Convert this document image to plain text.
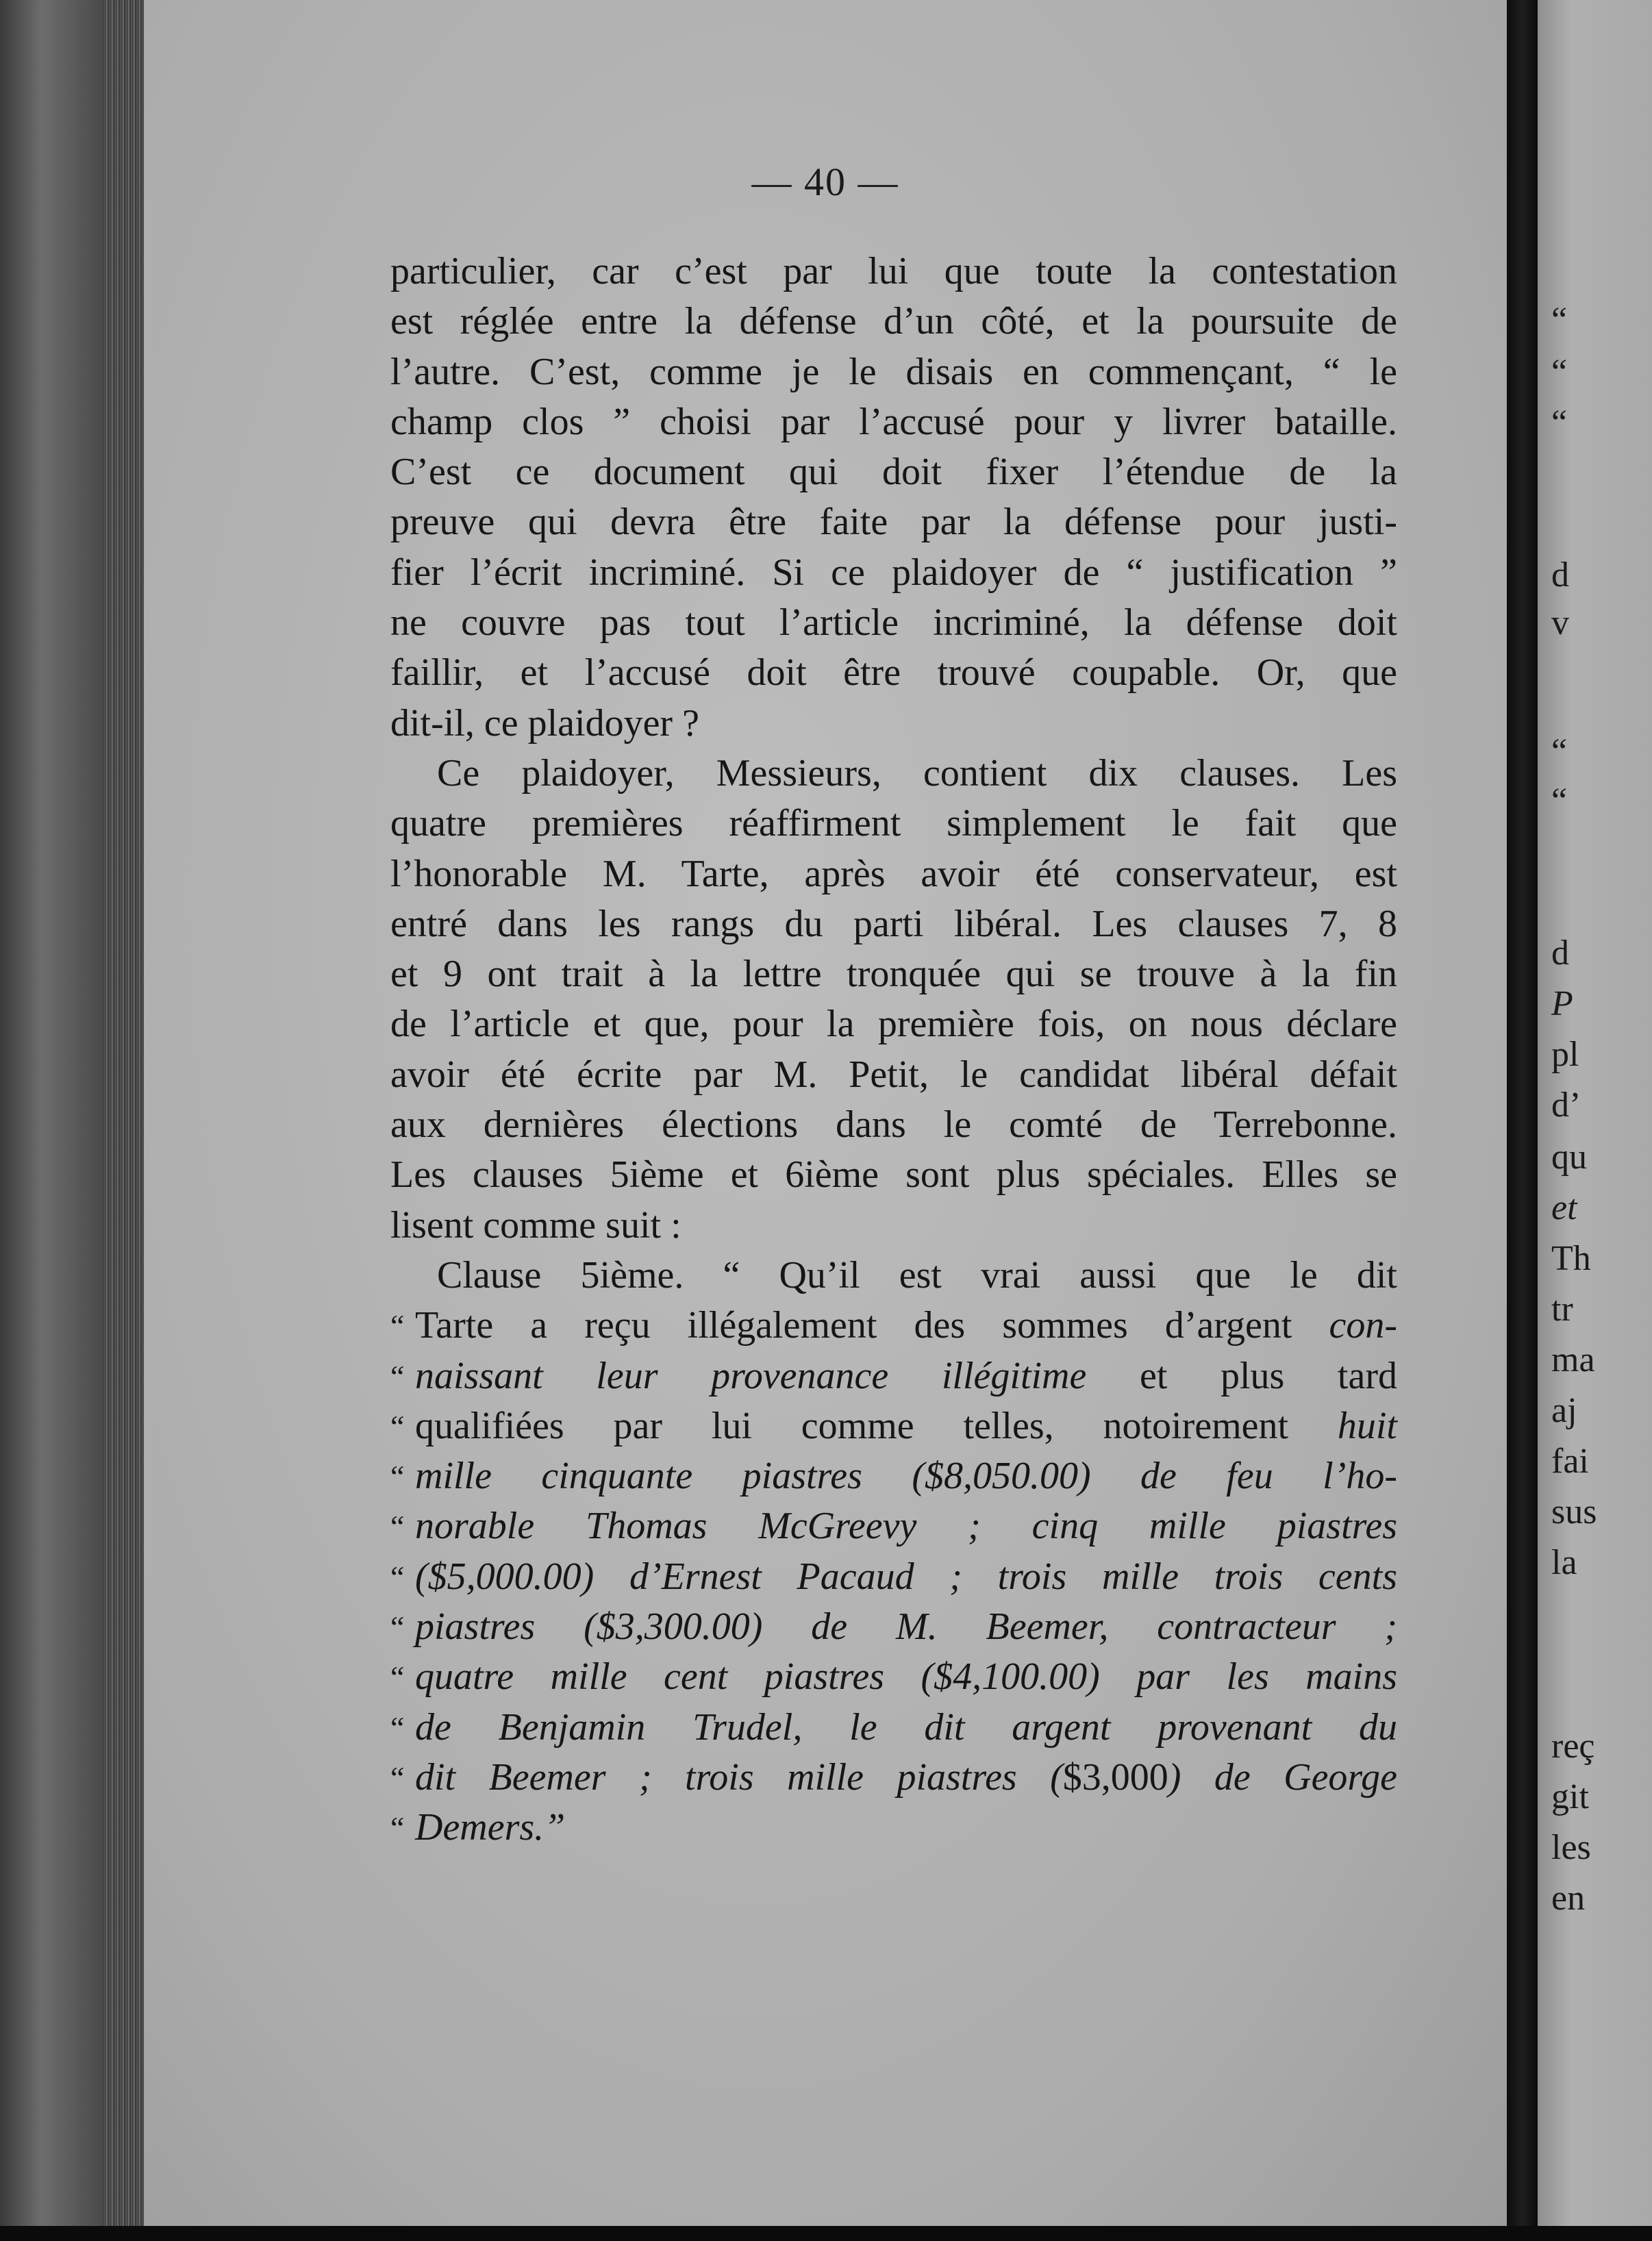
“
“
“
d
v
“
“
d
P
pl
d’
qu
et
Th
tr
ma
aj
fai
sus
la
reç
git
les
en
— 40 —
particulier, car c’est par lui que toute la contestation
est réglée entre la défense d’un côté, et la poursuite de
l’autre. C’est, comme je le disais en commençant, “ le
champ clos ” choisi par l’accusé pour y livrer bataille.
C’est ce document qui doit fixer l’étendue de la
preuve qui devra être faite par la défense pour justi-
fier l’écrit incriminé. Si ce plaidoyer de “ justification ”
ne couvre pas tout l’article incriminé, la défense doit
faillir, et l’accusé doit être trouvé coupable. Or, que
dit-il, ce plaidoyer ?
Ce plaidoyer, Messieurs, contient dix clauses. Les
quatre premières réaffirment simplement le fait que
l’honorable M. Tarte, après avoir été conservateur, est
entré dans les rangs du parti libéral. Les clauses 7, 8
et 9 ont trait à la lettre tronquée qui se trouve à la fin
de l’article et que, pour la première fois, on nous déclare
avoir été écrite par M. Petit, le candidat libéral défait
aux dernières élections dans le comté de Terrebonne.
Les clauses 5ième et 6ième sont plus spéciales. Elles se
lisent comme suit :
Clause 5ième. “ Qu’il est vrai aussi que le dit
“ Tarte a reçu illégalement des sommes d’argent con-
“ naissant leur provenance illégitime et plus tard
“ qualifiées par lui comme telles, notoirement huit
“ mille cinquante piastres ($8,050.00) de feu l’ho-
“ norable Thomas McGreevy ; cinq mille piastres
“ ($5,000.00) d’Ernest Pacaud ; trois mille trois cents
“ piastres ($3,300.00) de M. Beemer, contracteur ;
“ quatre mille cent piastres ($4,100.00) par les mains
“ de Benjamin Trudel, le dit argent provenant du
“ dit Beemer ; trois mille piastres ($3,000) de George
“ Demers.”
